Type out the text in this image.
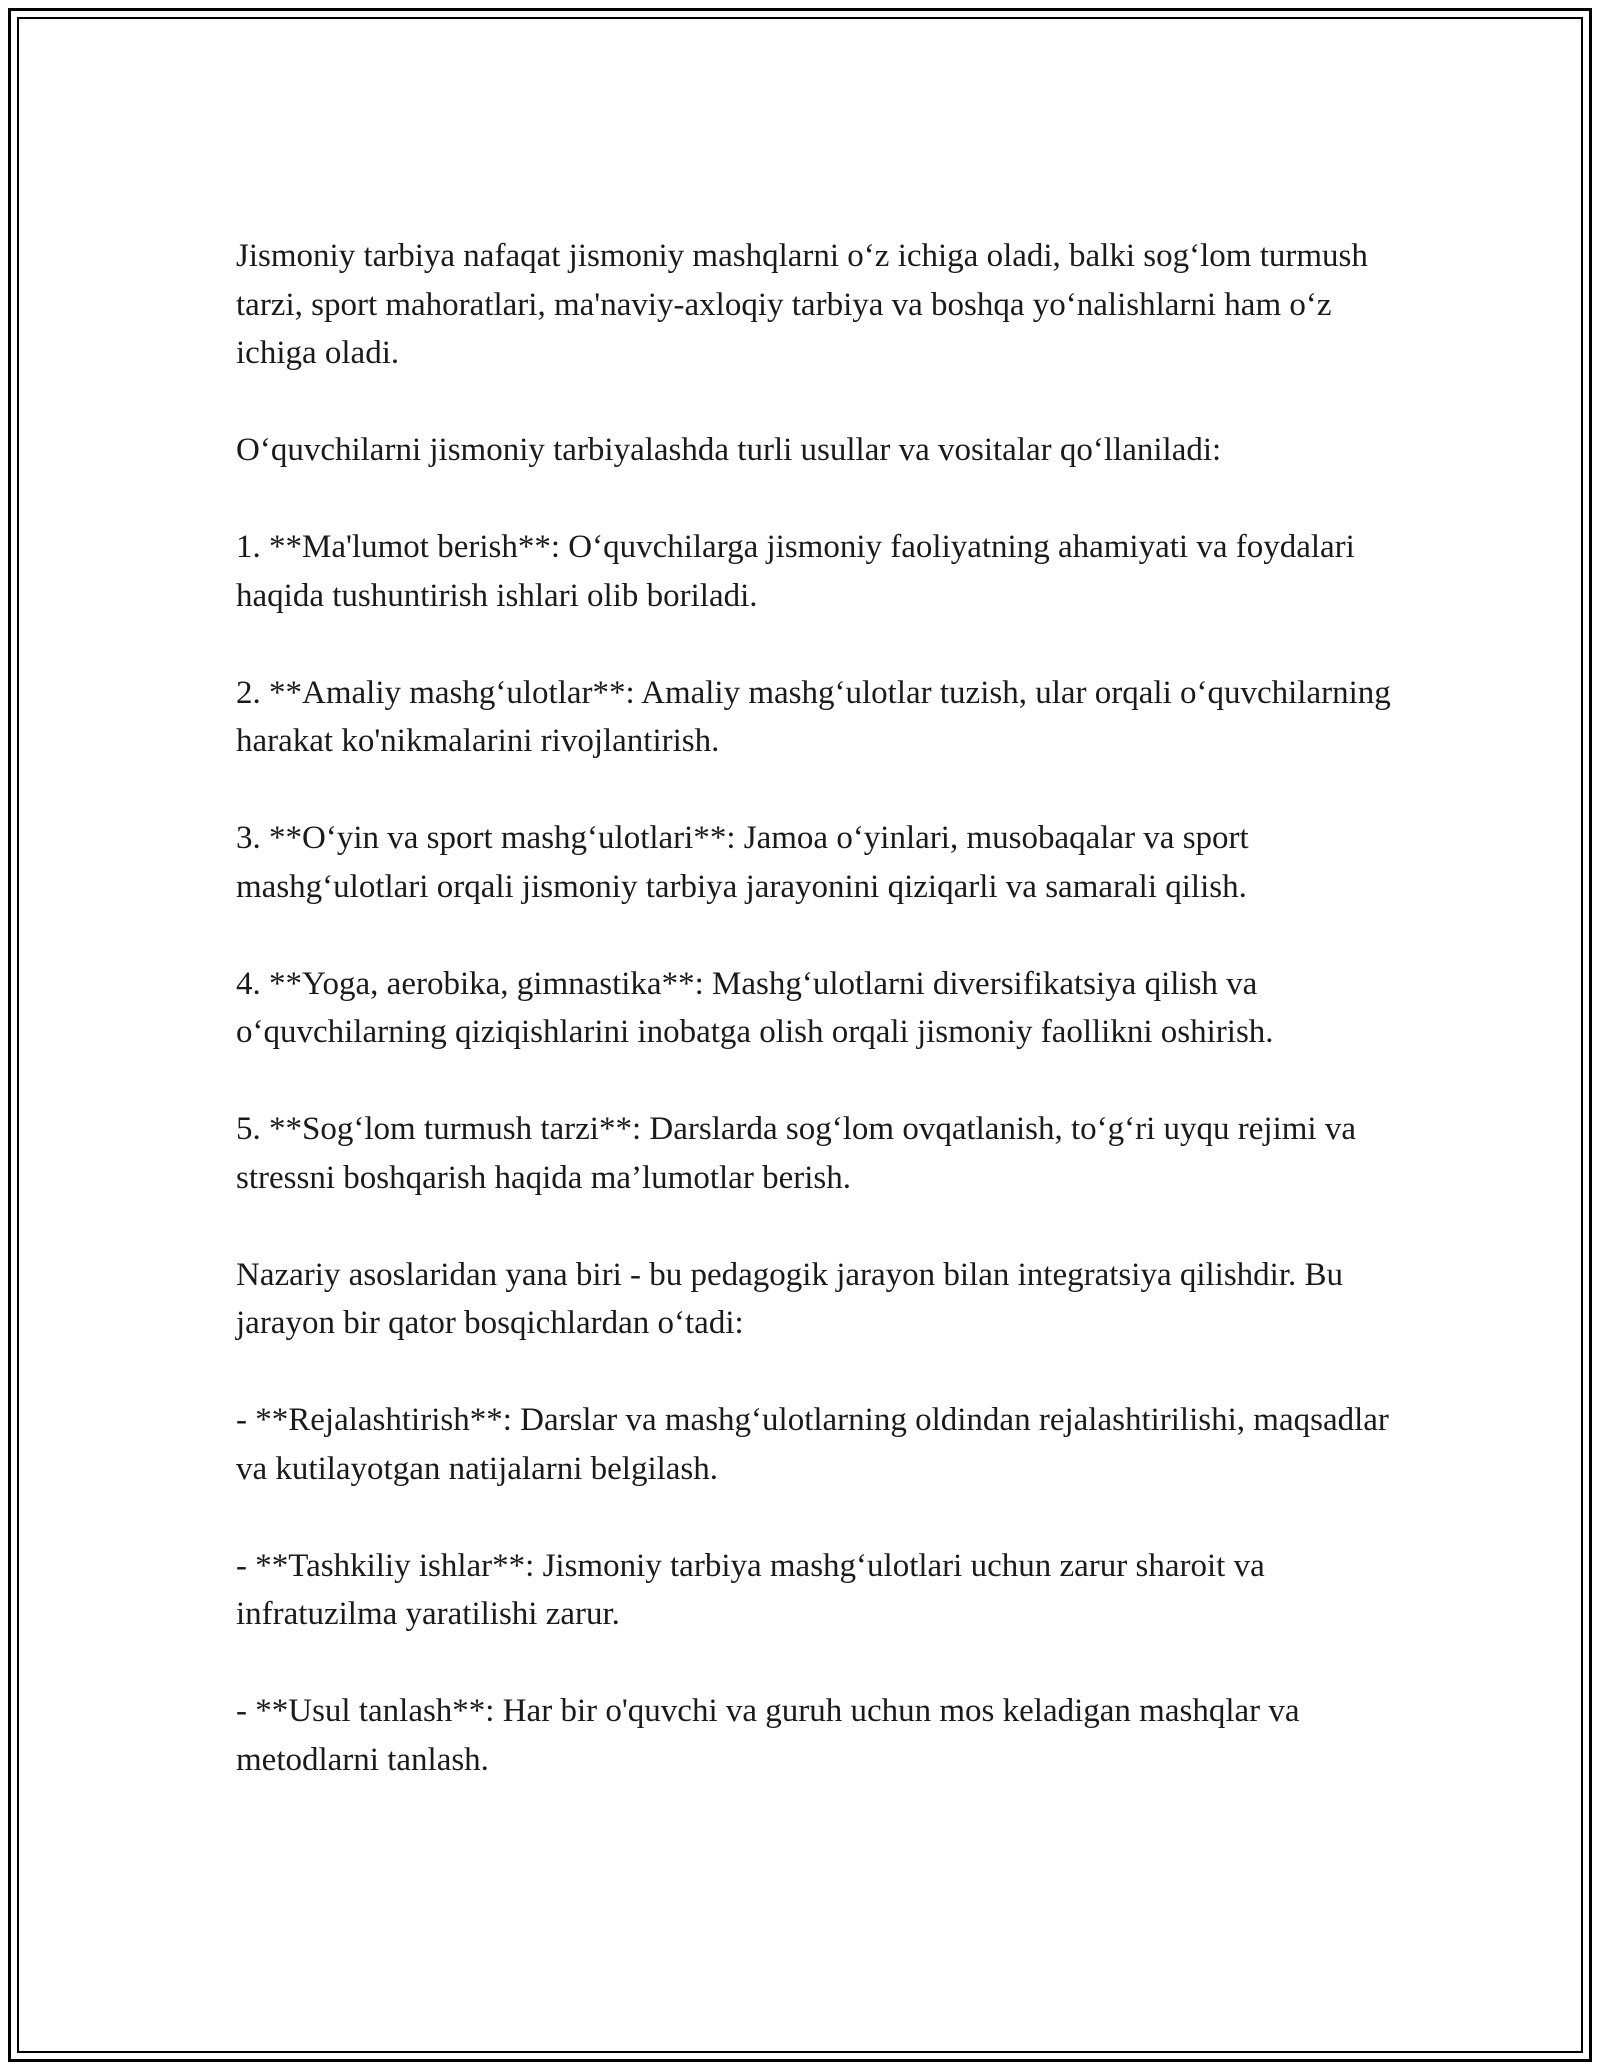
Jismoniy tarbiya nafaqat jismoniy mashqlarni o‘z ichiga oladi, balki sog‘lom turmush tarzi, sport mahoratlari, ma'naviy-axloqiy tarbiya va boshqa yo‘nalishlarni ham o‘z ichiga oladi.

O‘quvchilarni jismoniy tarbiyalashda turli usullar va vositalar qo‘llaniladi:

1. **Ma'lumot berish**: O‘quvchilarga jismoniy faoliyatning ahamiyati va foydalari haqida tushuntirish ishlari olib boriladi.

2. **Amaliy mashg‘ulotlar**: Amaliy mashg‘ulotlar tuzish, ular orqali o‘quvchilarning harakat ko'nikmalarini rivojlantirish.

3. **O‘yin va sport mashg‘ulotlari**: Jamoa o‘yinlari, musobaqalar va sport mashg‘ulotlari orqali jismoniy tarbiya jarayonini qiziqarli va samarali qilish.

4. **Yoga, aerobika, gimnastika**: Mashg‘ulotlarni diversifikatsiya qilish va o‘quvchilarning qiziqishlarini inobatga olish orqali jismoniy faollikni oshirish.

5. **Sog‘lom turmush tarzi**: Darslarda sog‘lom ovqatlanish, to‘g‘ri uyqu rejimi va stressni boshqarish haqida ma’lumotlar berish.

Nazariy asoslaridan yana biri - bu pedagogik jarayon bilan integratsiya qilishdir. Bu jarayon bir qator bosqichlardan o‘tadi:

- **Rejalashtirish**: Darslar va mashg‘ulotlarning oldindan rejalashtirilishi, maqsadlar va kutilayotgan natijalarni belgilash.

- **Tashkiliy ishlar**: Jismoniy tarbiya mashg‘ulotlari uchun zarur sharoit va infratuzilma yaratilishi zarur.

- **Usul tanlash**: Har bir o'quvchi va guruh uchun mos keladigan mashqlar va metodlarni tanlash.
